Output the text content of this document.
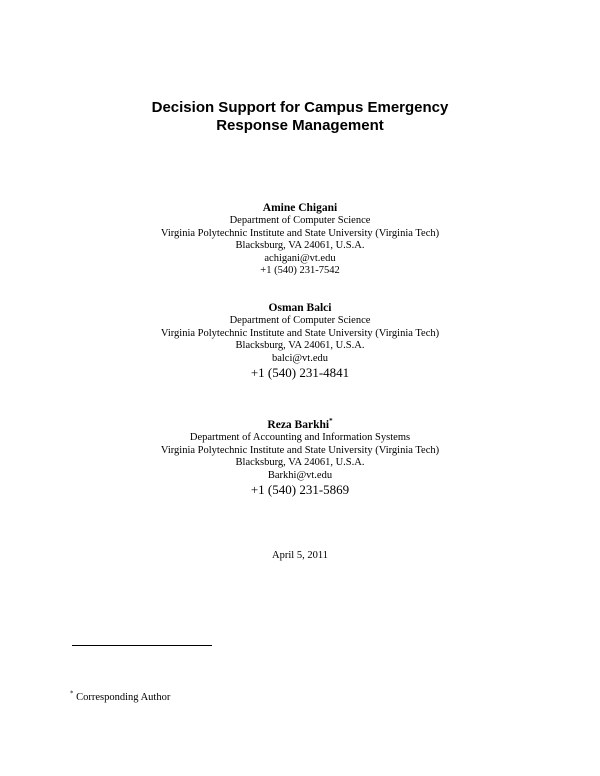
Decision Support for Campus Emergency
Response Management
Amine Chigani
Department of Computer Science
Virginia Polytechnic Institute and State University (Virginia Tech)
Blacksburg, VA 24061, U.S.A.
achigani@vt.edu
+1 (540) 231-7542
Osman Balci
Department of Computer Science
Virginia Polytechnic Institute and State University (Virginia Tech)
Blacksburg, VA 24061, U.S.A.
balci@vt.edu
+1 (540) 231-4841
Reza Barkhi*
Department of Accounting and Information Systems
Virginia Polytechnic Institute and State University (Virginia Tech)
Blacksburg, VA 24061, U.S.A.
Barkhi@vt.edu
+1 (540) 231-5869
April 5, 2011
* Corresponding Author
